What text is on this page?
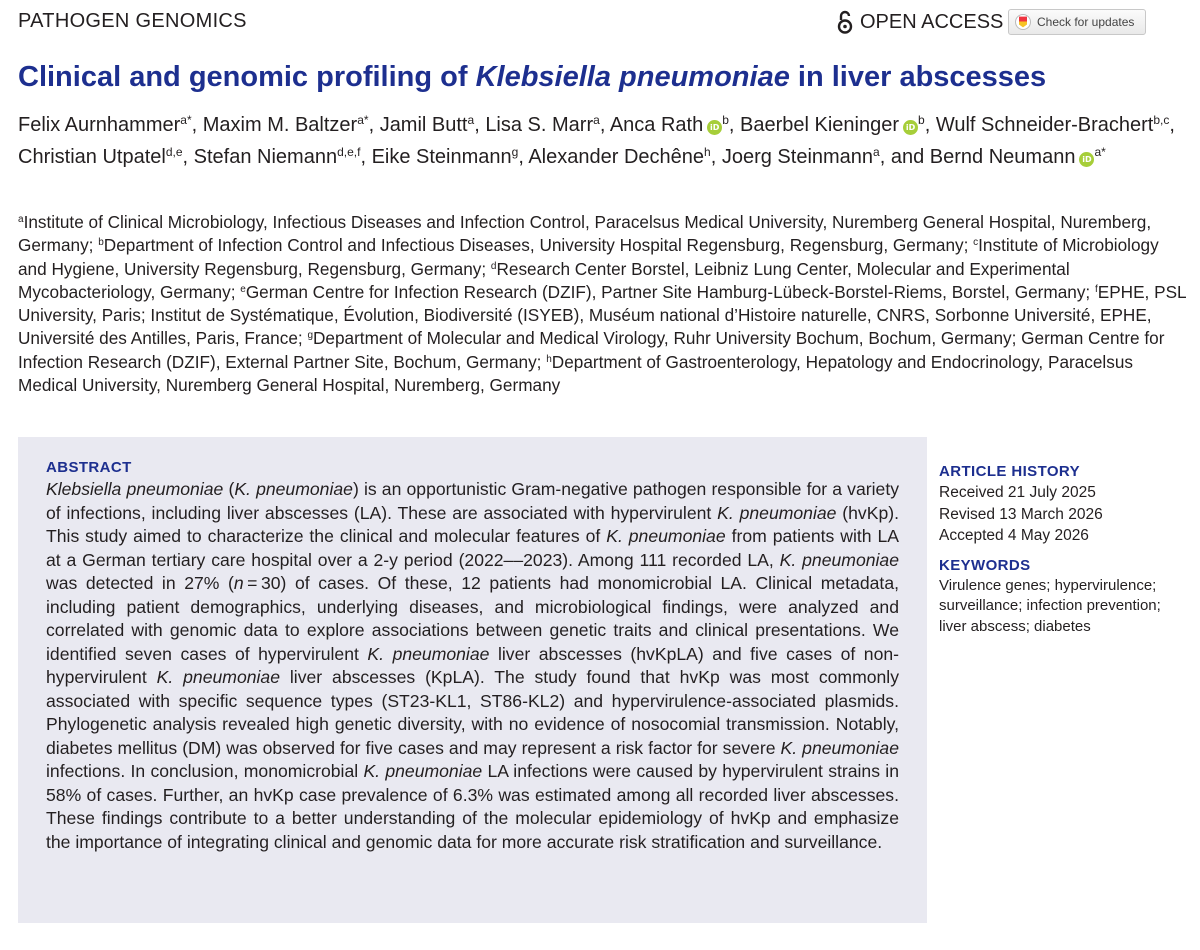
PATHOGEN GENOMICS	OPEN ACCESS	Check for updates
Clinical and genomic profiling of Klebsiella pneumoniae in liver abscesses
Felix Aurnhammer$^{a*}$, Maxim M. Baltzer$^{a*}$, Jamil Butt$^a$, Lisa S. Marr$^a$, Anca Rath $iD^b$, Baerbel Kieninger $iD^b$, Wulf Schneider-Brachert$^{b,c}$, Christian Utpatel$^{d,e}$, Stefan Niemann$^{d,e,f}$, Eike Steinmann$^g$, Alexander Dechêne$^h$, Joerg Steinmann$^a$, and Bernd Neumann $iD^{a*}$
$^a$Institute of Clinical Microbiology, Infectious Diseases and Infection Control, Paracelsus Medical University, Nuremberg General Hospital, Nuremberg, Germany; $^b$Department of Infection Control and Infectious Diseases, University Hospital Regensburg, Regensburg, Germany; $^c$Institute of Microbiology and Hygiene, University Regensburg, Regensburg, Germany; $^d$Research Center Borstel, Leibniz Lung Center, Molecular and Experimental Mycobacteriology, Germany; $^e$German Centre for Infection Research (DZIF), Partner Site Hamburg-Lübeck-Borstel-Riems, Borstel, Germany; $^f$EPHE, PSL University, Paris; Institut de Systématique, Évolution, Biodiversité (ISYEB), Muséum national d’Histoire naturelle, CNRS, Sorbonne Université, EPHE, Université des Antilles, Paris, France; $^g$Department of Molecular and Medical Virology, Ruhr University Bochum, Bochum, Germany; German Centre for Infection Research (DZIF), External Partner Site, Bochum, Germany; $^h$Department of Gastroenterology, Hepatology and Endocrinology, Paracelsus Medical University, Nuremberg General Hospital, Nuremberg, Germany
ABSTRACT

Klebsiella pneumoniae (K. pneumoniae) is an opportunistic Gram-negative pathogen responsible for a variety of infections, including liver abscesses (LA). These are associated with hypervirulent K. pneumoniae (hvKp). This study aimed to characterize the clinical and molecular features of K. pneumoniae from patients with LA at a German tertiary care hospital over a 2-y period (2022––2023). Among 111 recorded LA, K. pneumoniae was detected in 27% (n = 30) of cases. Of these, 12 patients had monomicrobial LA. Clinical metadata, including patient demographics, underlying diseases, and microbiological findings, were analyzed and correlated with genomic data to explore associations between genetic traits and clinical presentations. We identified seven cases of hypervirulent K. pneumoniae liver abscesses (hvKpLA) and five cases of non-hypervirulent K. pneumoniae liver abscesses (KpLA). The study found that hvKp was most commonly associated with specific sequence types (ST23-KL1, ST86-KL2) and hypervirulence-associated plasmids. Phylogenetic analysis revealed high genetic diversity, with no evidence of nosocomial transmission. Notably, diabetes mellitus (DM) was observed for five cases and may represent a risk factor for severe K. pneumoniae infections. In conclusion, monomicrobial K. pneumoniae LA infections were caused by hypervirulent strains in 58% of cases. Further, an hvKp case prevalence of 6.3% was estimated among all recorded liver abscesses. These findings contribute to a better understanding of the molecular epidemiology of hvKp and emphasize the importance of integrating clinical and genomic data for more accurate risk stratification and surveillance.

ARTICLE HISTORY
Received 21 July 2025
Revised 13 March 2026
Accepted 4 May 2026
KEYWORDS
Virulence genes; hypervirulence; surveillance; infection prevention; liver abscess; diabetes
